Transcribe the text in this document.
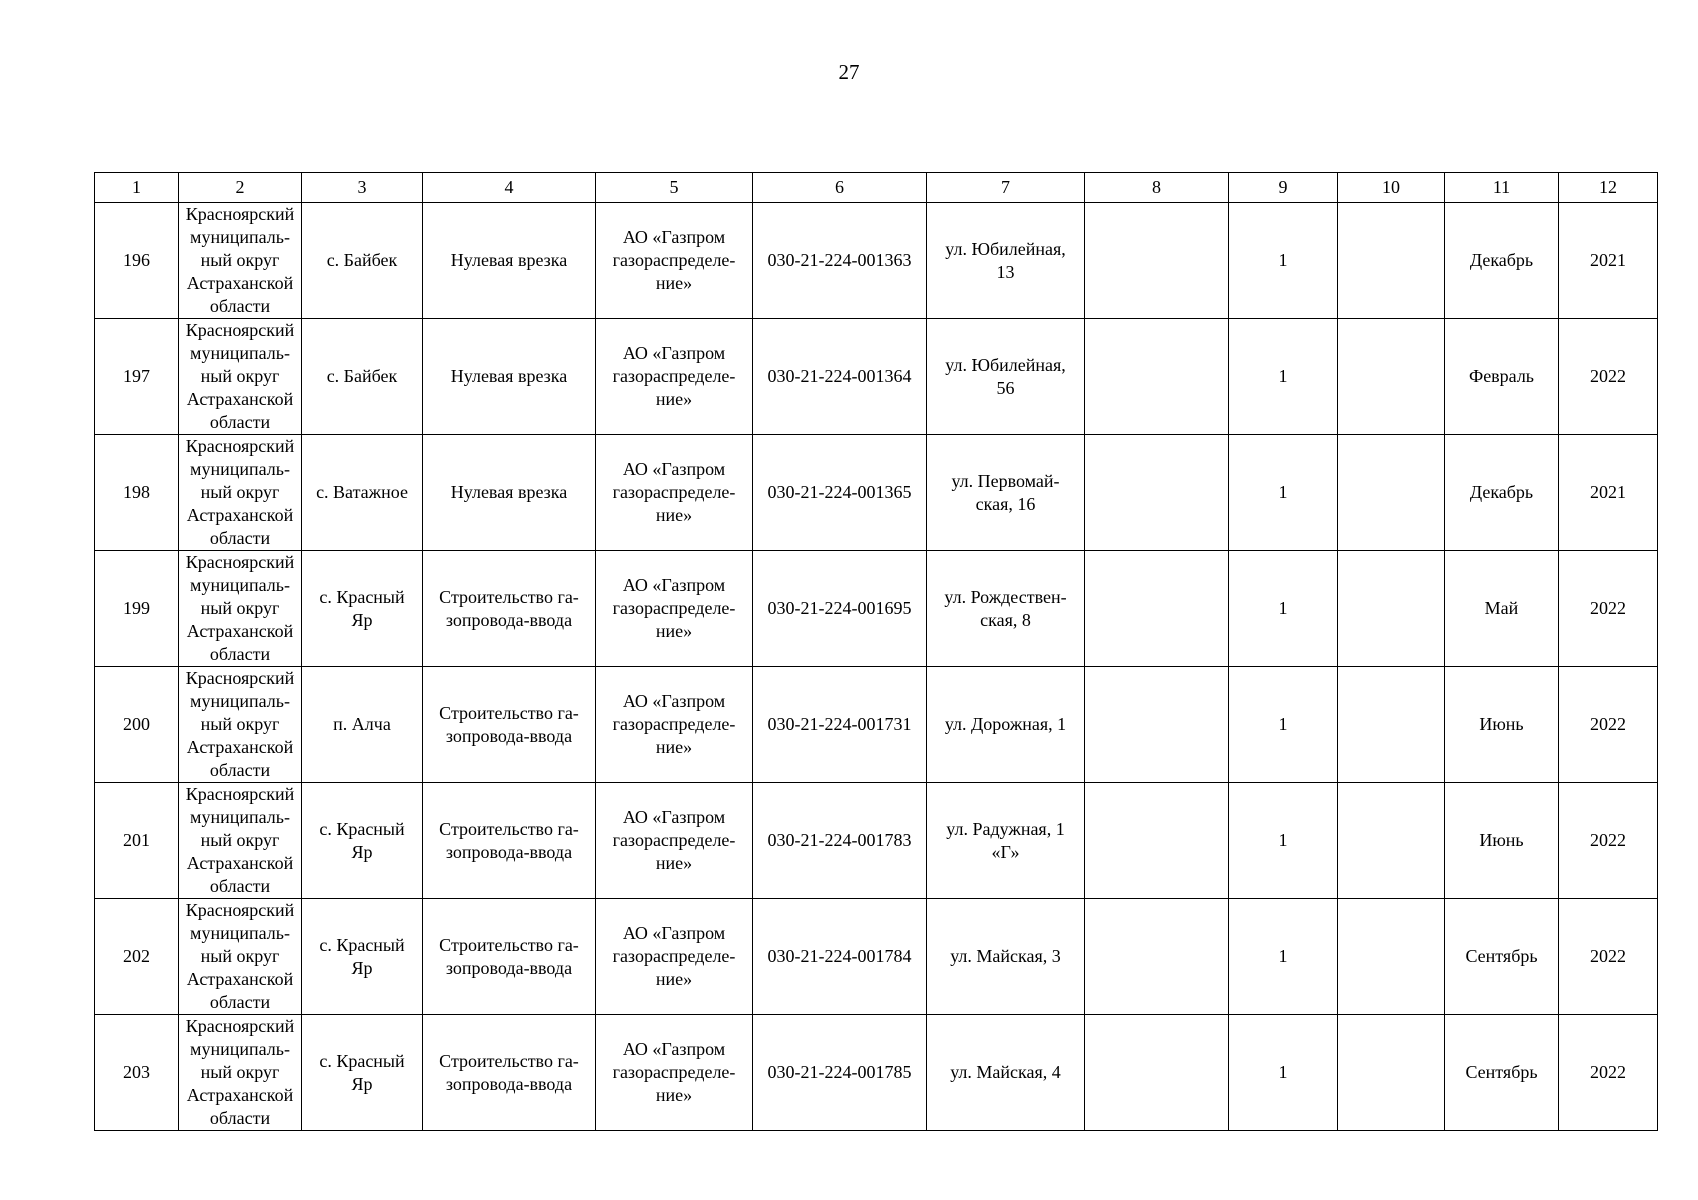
27
1	2	3	4	5	6	7	8	9	10	11	12

196	Красноярский
муниципаль-
ный округ
Астраханской
области	с. Байбек	Нулевая врезка	АО «Газпром
газораспределе-
ние»	030-21-224-001363	ул. Юбилейная,
13		1		Декабрь	2021

197	Красноярский
муниципаль-
ный округ
Астраханской
области	с. Байбек	Нулевая врезка	АО «Газпром
газораспределе-
ние»	030-21-224-001364	ул. Юбилейная,
56		1		Февраль	2022

198	Красноярский
муниципаль-
ный округ
Астраханской
области	с. Ватажное	Нулевая врезка	АО «Газпром
газораспределе-
ние»	030-21-224-001365	ул. Первомай-
ская, 16		1		Декабрь	2021

199	Красноярский
муниципаль-
ный округ
Астраханской
области	с. Красный
Яр	Строительство га-
зопровода-ввода	АО «Газпром
газораспределе-
ние»	030-21-224-001695	ул. Рождествен-
ская, 8		1		Май	2022

200	Красноярский
муниципаль-
ный округ
Астраханской
области	п. Алча	Строительство га-
зопровода-ввода	АО «Газпром
газораспределе-
ние»	030-21-224-001731	ул. Дорожная, 1		1		Июнь	2022

201	Красноярский
муниципаль-
ный округ
Астраханской
области	с. Красный
Яр	Строительство га-
зопровода-ввода	АО «Газпром
газораспределе-
ние»	030-21-224-001783	ул. Радужная, 1
«Г»		1		Июнь	2022

202	Красноярский
муниципаль-
ный округ
Астраханской
области	с. Красный
Яр	Строительство га-
зопровода-ввода	АО «Газпром
газораспределе-
ние»	030-21-224-001784	ул. Майская, 3		1		Сентябрь	2022

203	Красноярский
муниципаль-
ный округ
Астраханской
области	с. Красный
Яр	Строительство га-
зопровода-ввода	АО «Газпром
газораспределе-
ние»	030-21-224-001785	ул. Майская, 4		1		Сентябрь	2022
